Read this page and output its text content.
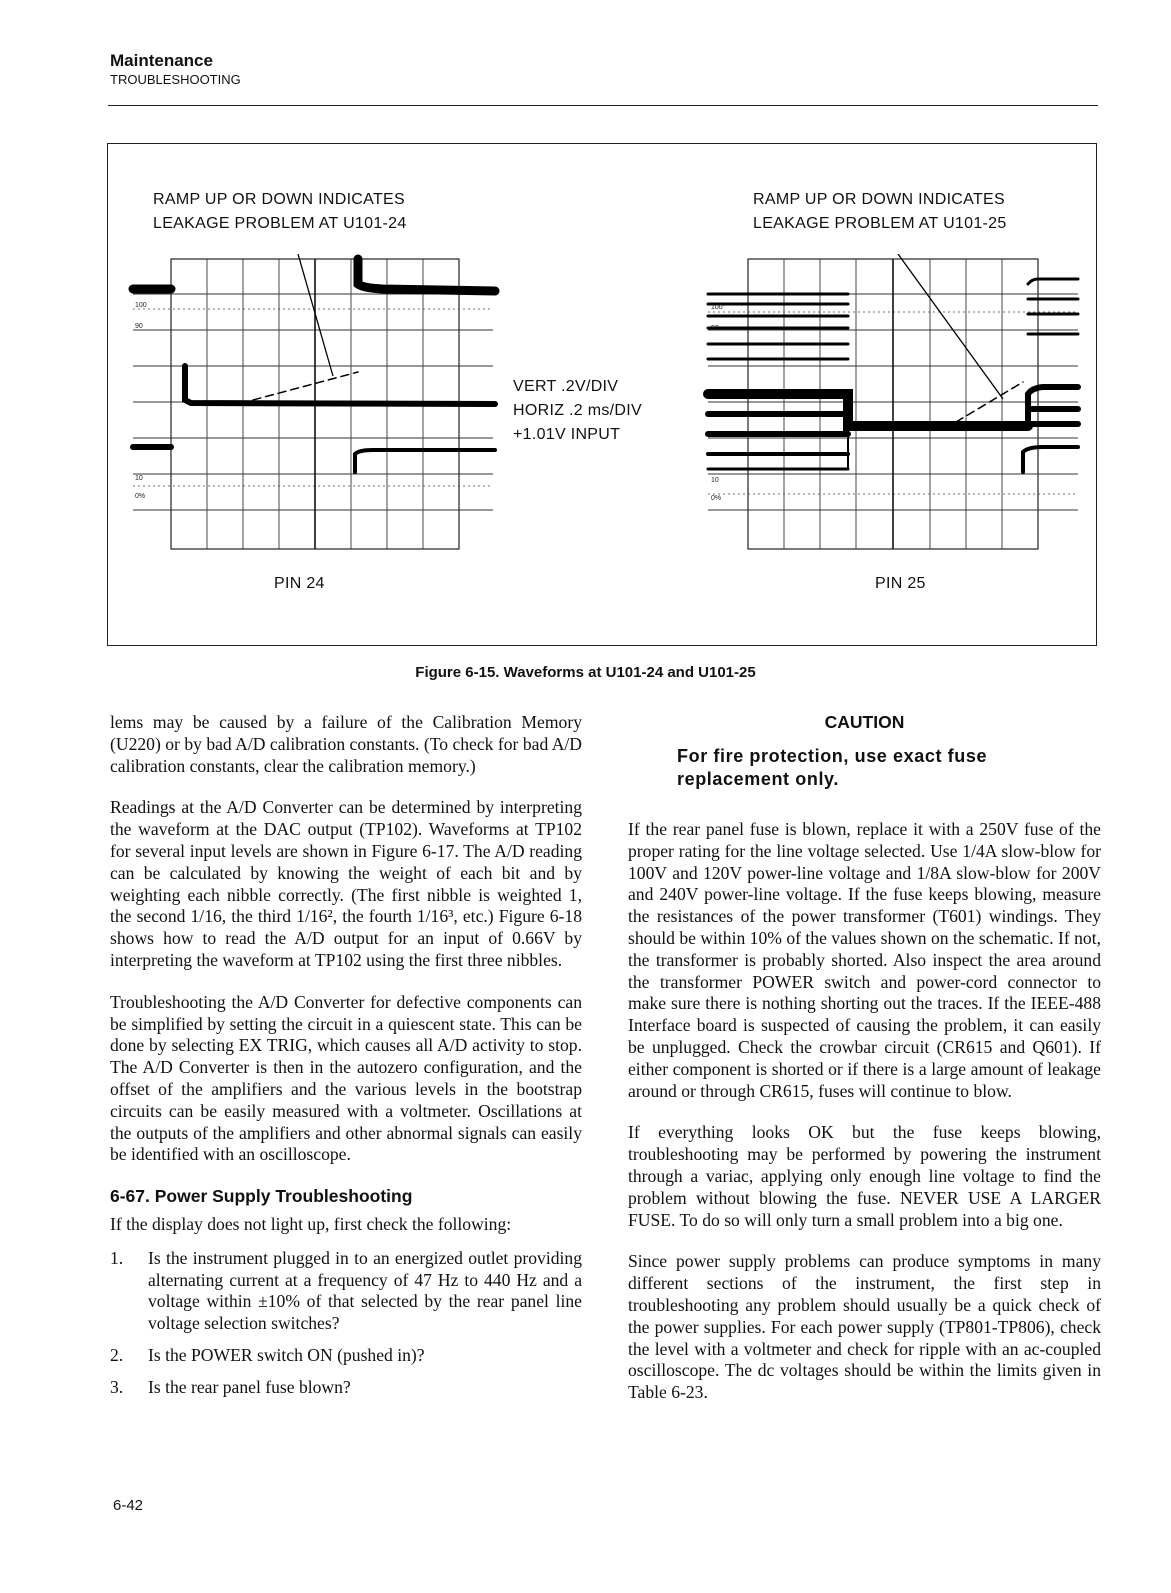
Maintenance
TROUBLESHOOTING
RAMP UP OR DOWN INDICATES
LEAKAGE PROBLEM AT U101-24
RAMP UP OR DOWN INDICATES
LEAKAGE PROBLEM AT U101-25
VERT .2V/DIV
HORIZ .2 ms/DIV
+1.01V INPUT
PIN 24	PIN 25
100
90
10
0%
100
90
10
0%
Figure 6-15. Waveforms at U101-24 and U101-25

lems may be caused by a failure of the Calibration Memory (U220) or by bad A/D calibration constants. (To check for bad A/D calibration constants, clear the calibration memory.)

Readings at the A/D Converter can be determined by interpreting the waveform at the DAC output (TP102). Waveforms at TP102 for several input levels are shown in Figure 6-17. The A/D reading can be calculated by knowing the weight of each bit and by weighting each nibble correctly. (The first nibble is weighted 1, the second 1/16, the third 1/16², the fourth 1/16³, etc.) Figure 6-18 shows how to read the A/D output for an input of 0.66V by interpreting the waveform at TP102 using the first three nibbles.

Troubleshooting the A/D Converter for defective components can be simplified by setting the circuit in a quiescent state. This can be done by selecting EX TRIG, which causes all A/D activity to stop. The A/D Converter is then in the autozero configuration, and the offset of the amplifiers and the various levels in the bootstrap circuits can be easily measured with a voltmeter. Oscillations at the outputs of the amplifiers and other abnormal signals can easily be identified with an oscilloscope.

6-67. Power Supply Troubleshooting

If the display does not light up, first check the following:

1.	Is the instrument plugged in to an energized outlet providing alternating current at a frequency of 47 Hz to 440 Hz and a voltage within ±10% of that selected by the rear panel line voltage selection switches?
2.	Is the POWER switch ON (pushed in)?
3.	Is the rear panel fuse blown?
6-42
CAUTION
For fire protection, use exact fuse replacement only.

If the rear panel fuse is blown, replace it with a 250V fuse of the proper rating for the line voltage selected. Use 1/4A slow-blow for 100V and 120V power-line voltage and 1/8A slow-blow for 200V and 240V power-line voltage. If the fuse keeps blowing, measure the resistances of the power transformer (T601) windings. They should be within 10% of the values shown on the schematic. If not, the transformer is probably shorted. Also inspect the area around the transformer POWER switch and power-cord connector to make sure there is nothing shorting out the traces. If the IEEE-488 Interface board is suspected of causing the problem, it can easily be unplugged. Check the crowbar circuit (CR615 and Q601). If either component is shorted or if there is a large amount of leakage around or through CR615, fuses will continue to blow.

If everything looks OK but the fuse keeps blowing, troubleshooting may be performed by powering the instrument through a variac, applying only enough line voltage to find the problem without blowing the fuse. NEVER USE A LARGER FUSE. To do so will only turn a small problem into a big one.

Since power supply problems can produce symptoms in many different sections of the instrument, the first step in troubleshooting any problem should usually be a quick check of the power supplies. For each power supply (TP801-TP806), check the level with a voltmeter and check for ripple with an ac-coupled oscilloscope. The dc voltages should be within the limits given in Table 6-23.
